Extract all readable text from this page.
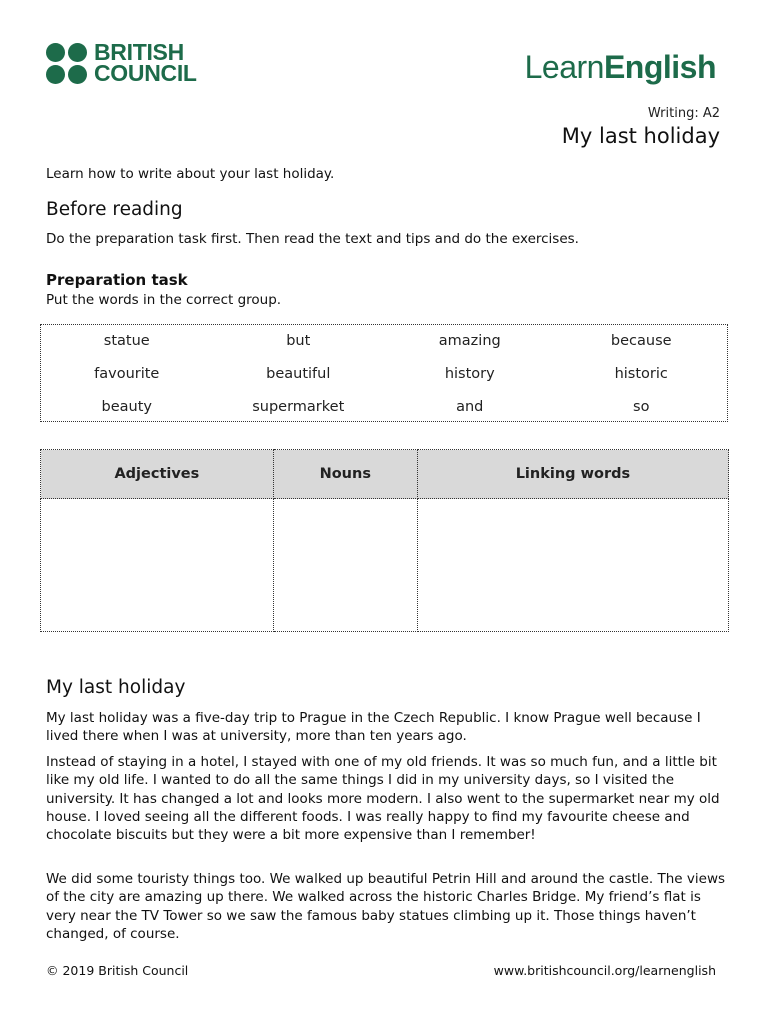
BRITISH
COUNCIL	LearnEnglish
Writing: A2
My last holiday
Learn how to write about your last holiday.
Before reading
Do the preparation task first. Then read the text and tips and do the exercises.
Preparation task
Put the words in the correct group.
statue	but	amazing	because
favourite	beautiful	history	historic
beauty	supermarket	and	so
Adjectives	Nouns	Linking words

My last holiday

My last holiday was a five-day trip to Prague in the Czech Republic. I know Prague well because I lived there when I was at university, more than ten years ago.

Instead of staying in a hotel, I stayed with one of my old friends. It was so much fun, and a little bit like my old life. I wanted to do all the same things I did in my university days, so I visited the university. It has changed a lot and looks more modern. I also went to the supermarket near my old house. I loved seeing all the different foods. I was really happy to find my favourite cheese and chocolate biscuits but they were a bit more expensive than I remember!

We did some touristy things too. We walked up beautiful Petrin Hill and around the castle. The views of the city are amazing up there. We walked across the historic Charles Bridge. My friend’s flat is very near the TV Tower so we saw the famous baby statues climbing up it. Those things haven’t changed, of course.

© 2019 British Council	www.britishcouncil.org/learnenglish
